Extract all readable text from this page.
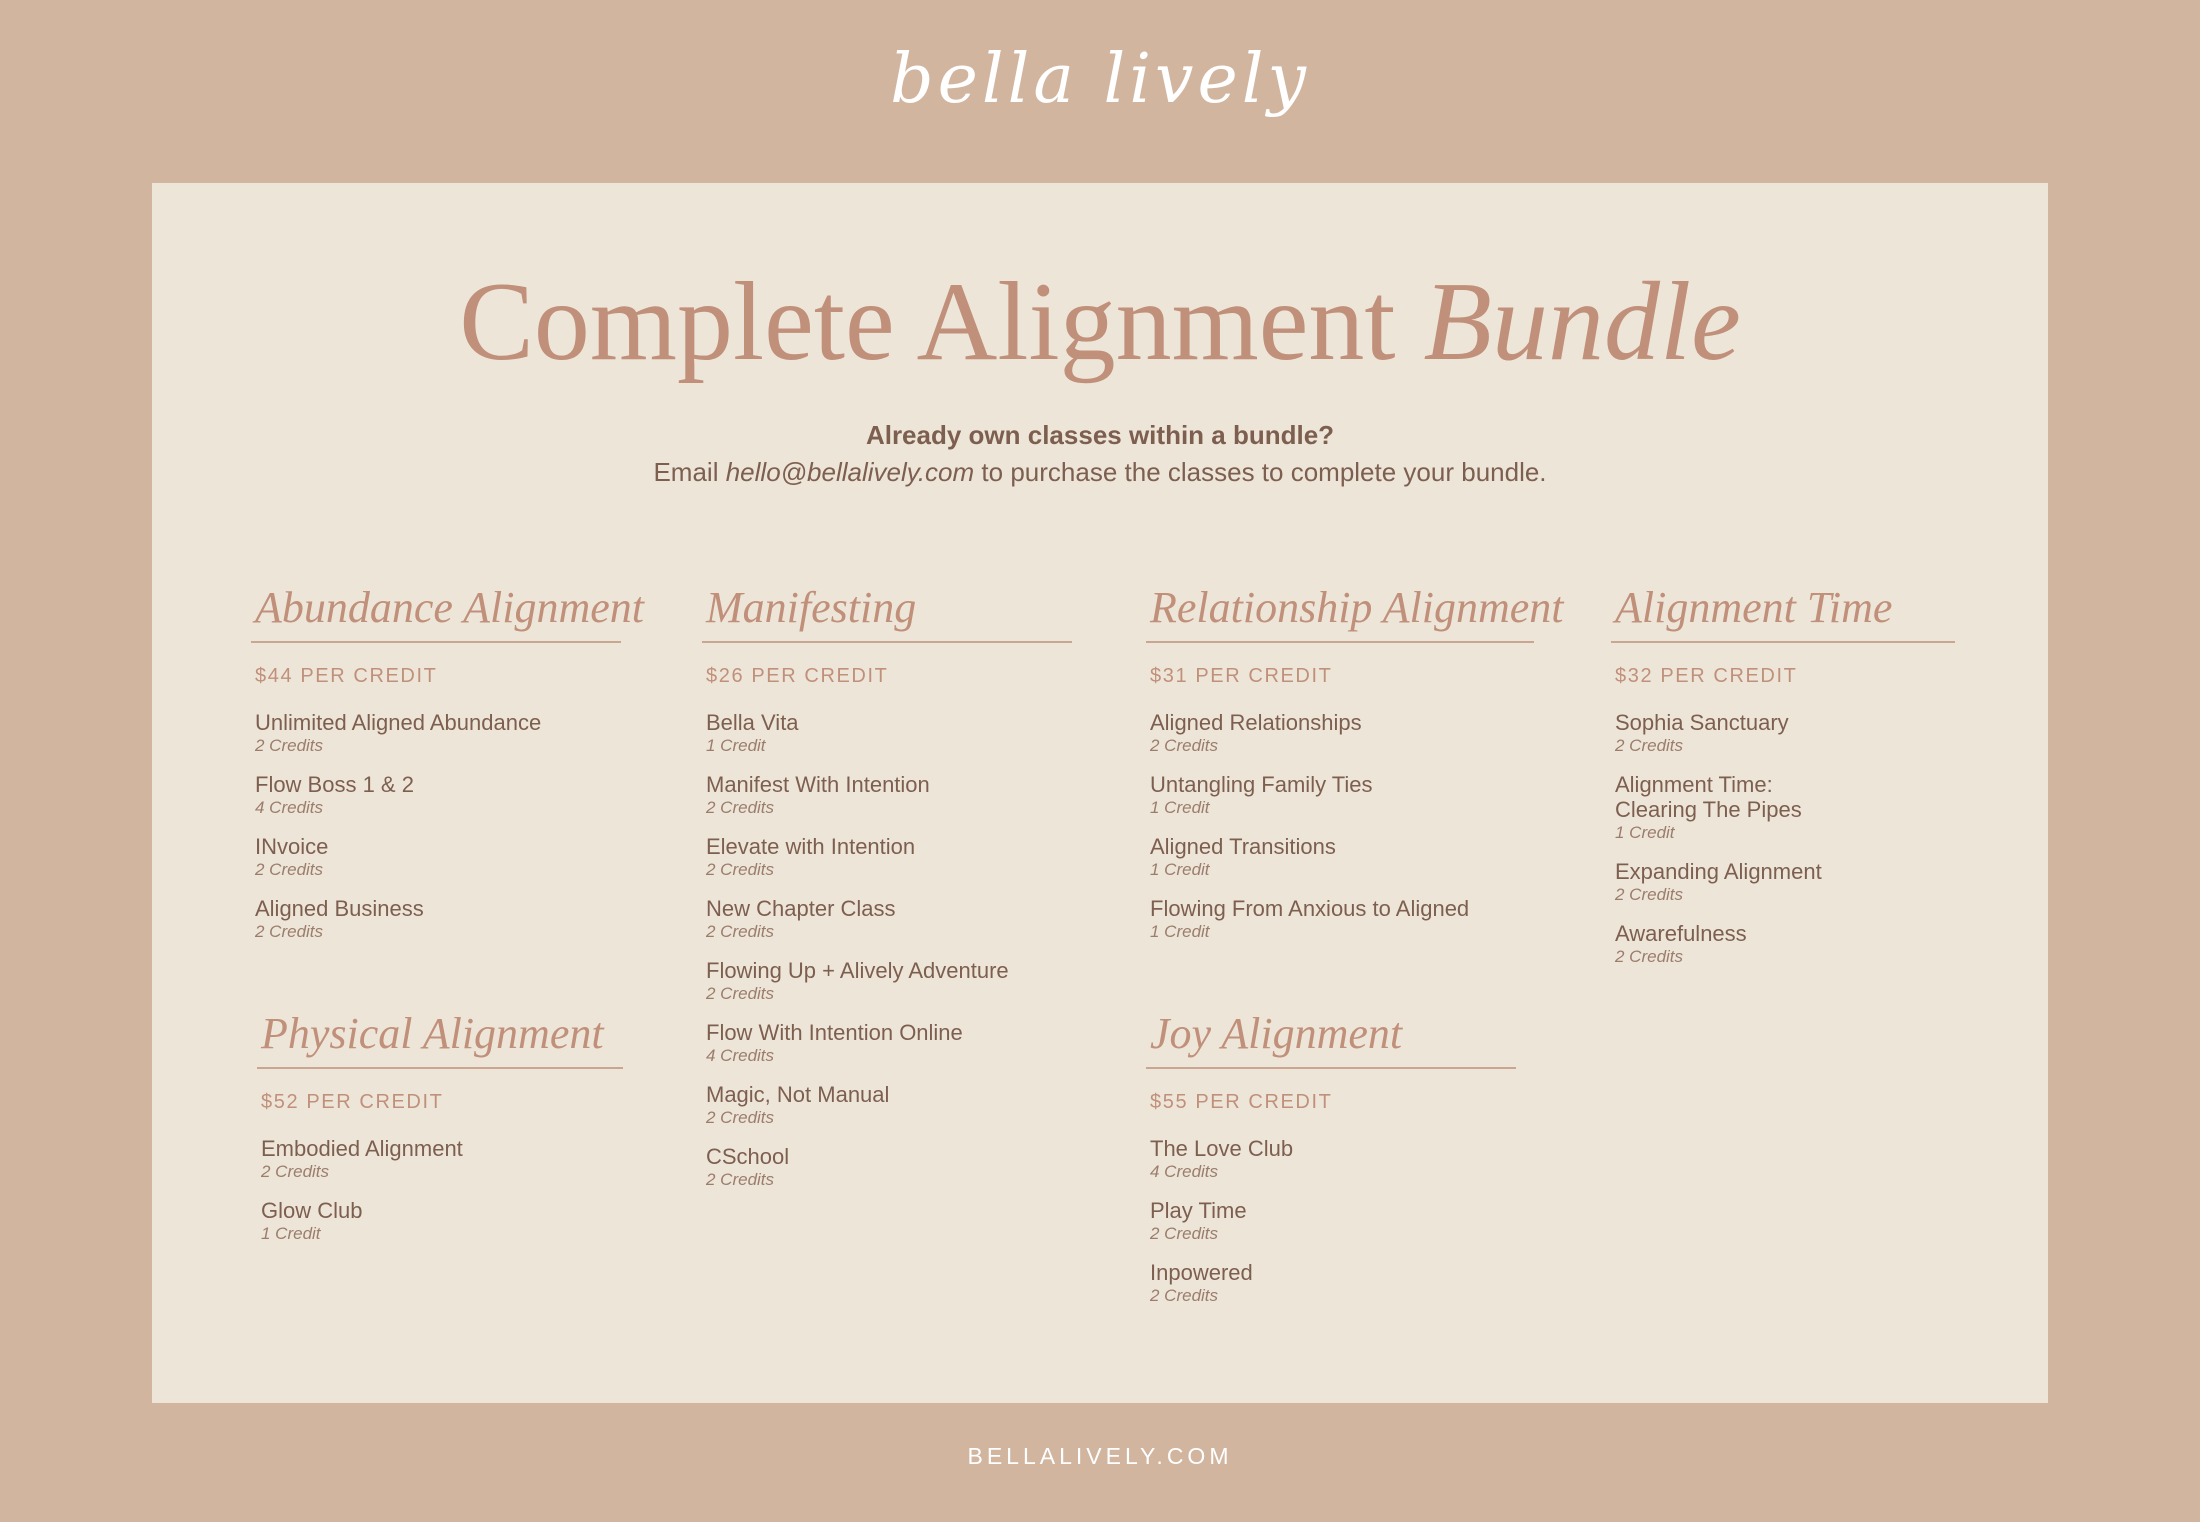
bella lively
Complete Alignment Bundle
Already own classes within a bundle?
Email hello@bellalively.com to purchase the classes to complete your bundle.
Abundance Alignment
$44 PER CREDIT
Unlimited Aligned Abundance
2 Credits
Flow Boss 1 & 2
4 Credits
INvoice
2 Credits
Aligned Business
2 Credits
Physical Alignment
$52 PER CREDIT
Embodied Alignment
2 Credits
Glow Club
1 Credit
Manifesting
$26 PER CREDIT
Bella Vita
1 Credit
Manifest With Intention
2 Credits
Elevate with Intention
2 Credits
New Chapter Class
2 Credits
Flowing Up + Alively Adventure
2 Credits
Flow With Intention Online
4 Credits
Magic, Not Manual
2 Credits
CSchool
2 Credits
Relationship Alignment
$31 PER CREDIT
Aligned Relationships
2 Credits
Untangling Family Ties
1 Credit
Aligned Transitions
1 Credit
Flowing From Anxious to Aligned
1 Credit
Joy Alignment
$55 PER CREDIT
The Love Club
4 Credits
Play Time
2 Credits
Inpowered
2 Credits
Alignment Time
$32 PER CREDIT
Sophia Sanctuary
2 Credits
Alignment Time:
Clearing The Pipes
1 Credit
Expanding Alignment
2 Credits
Awarefulness
2 Credits
BELLALIVELY.COM
